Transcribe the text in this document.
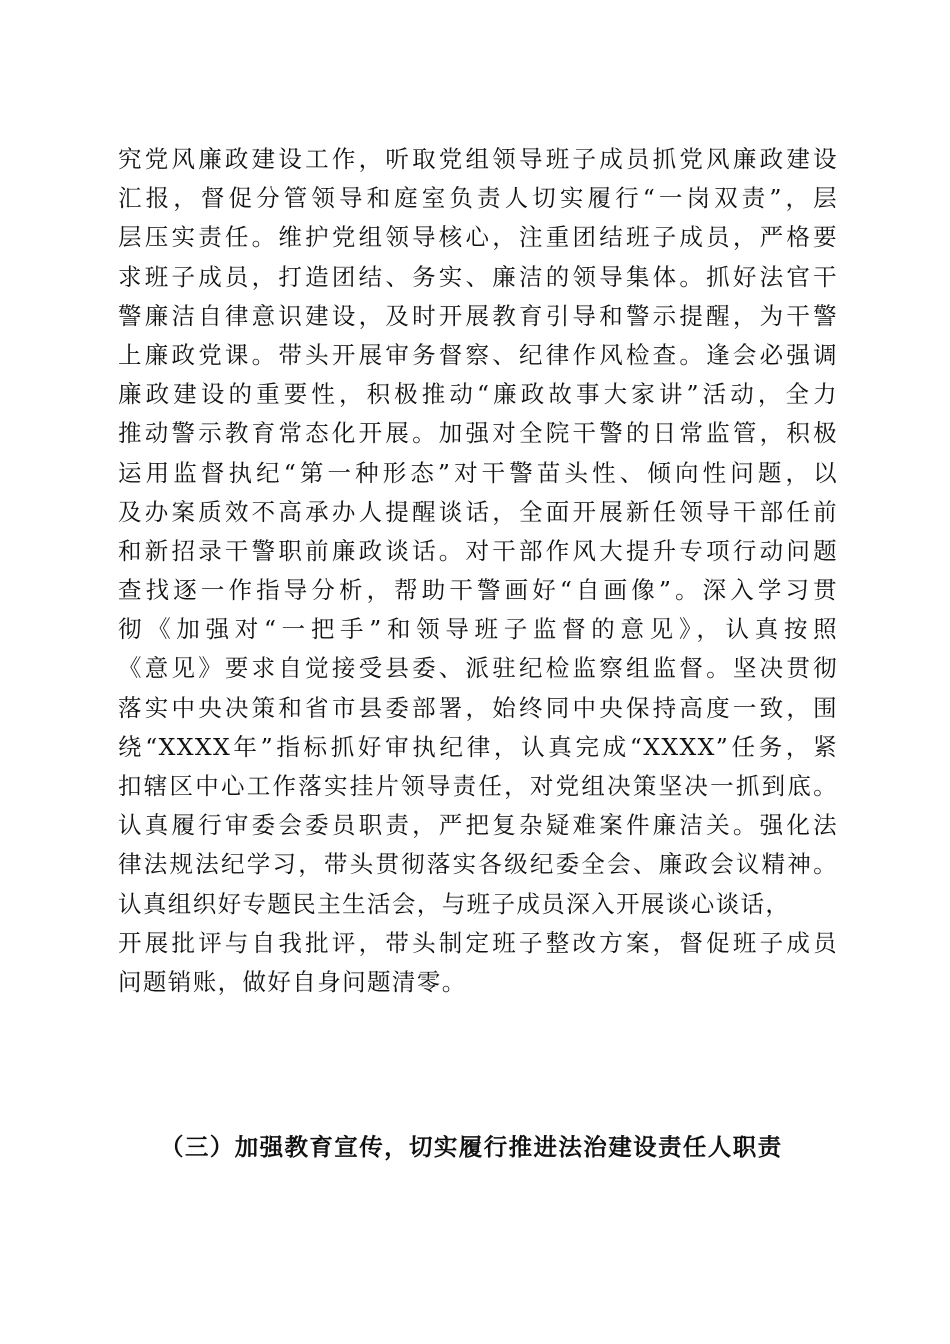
究党风廉政建设工作，听取党组领导班子成员抓党风廉政建设
汇报，督促分管领导和庭室负责人切实履行“一岗双责”，层
层压实责任。维护党组领导核心，注重团结班子成员，严格要
求班子成员，打造团结、务实、廉洁的领导集体。抓好法官干
警廉洁自律意识建设，及时开展教育引导和警示提醒，为干警
上廉政党课。带头开展审务督察、纪律作风检查。逢会必强调
廉政建设的重要性，积极推动“廉政故事大家讲”活动，全力
推动警示教育常态化开展。加强对全院干警的日常监管，积极
运用监督执纪“第一种形态”对干警苗头性、倾向性问题，以
及办案质效不高承办人提醒谈话，全面开展新任领导干部任前
和新招录干警职前廉政谈话。对干部作风大提升专项行动问题
查找逐一作指导分析，帮助干警画好“自画像”。深入学习贯
彻《加强对“一把手”和领导班子监督的意见》，认真按照
《意见》要求自觉接受县委、派驻纪检监察组监督。坚决贯彻
落实中央决策和省市县委部署，始终同中央保持高度一致，围
绕“XXXX年”指标抓好审执纪律，认真完成“XXXX”任务，紧
扣辖区中心工作落实挂片领导责任，对党组决策坚决一抓到底。
认真履行审委会委员职责，严把复杂疑难案件廉洁关。强化法
律法规法纪学习，带头贯彻落实各级纪委全会、廉政会议精神。
认真组织好专题民主生活会，与班子成员深入开展谈心谈话，
开展批评与自我批评，带头制定班子整改方案，督促班子成员
问题销账，做好自身问题清零。
（三）加强教育宣传，切实履行推进法治建设责任人职责
